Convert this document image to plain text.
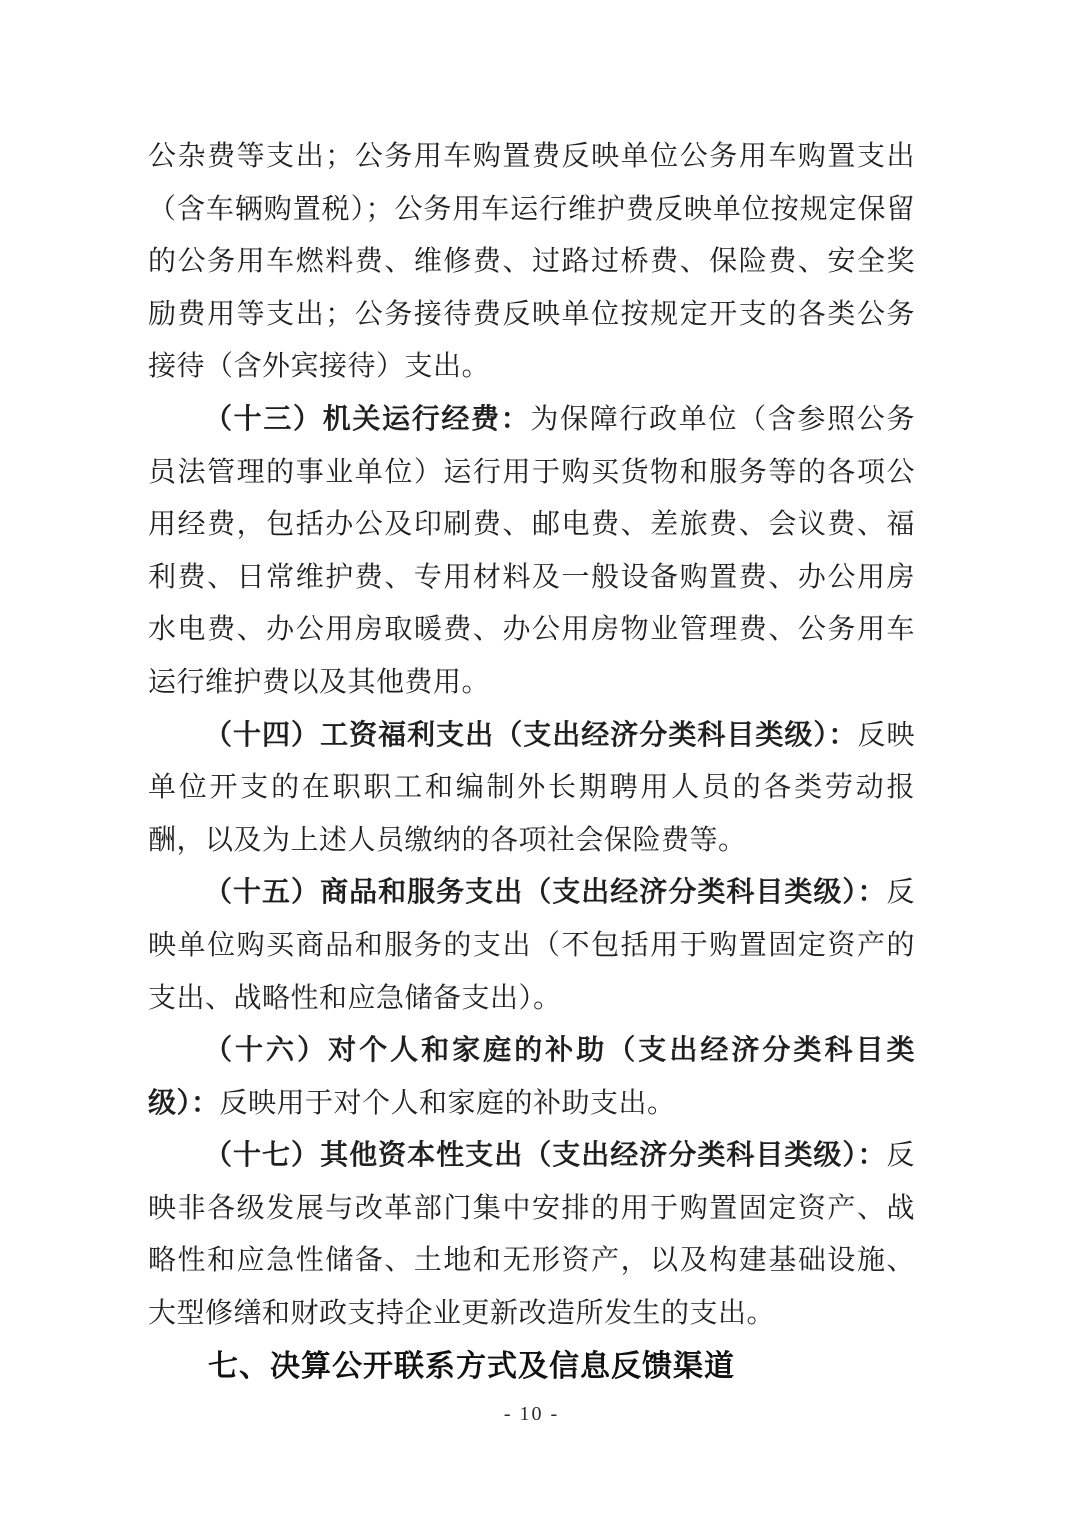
公杂费等支出；公务用车购置费反映单位公务用车购置支出（含车辆购置税）；公务用车运行维护费反映单位按规定保留的公务用车燃料费、维修费、过路过桥费、保险费、安全奖励费用等支出；公务接待费反映单位按规定开支的各类公务接待（含外宾接待）支出。

（十三）机关运行经费：为保障行政单位（含参照公务员法管理的事业单位）运行用于购买货物和服务等的各项公用经费，包括办公及印刷费、邮电费、差旅费、会议费、福利费、日常维护费、专用材料及一般设备购置费、办公用房水电费、办公用房取暖费、办公用房物业管理费、公务用车运行维护费以及其他费用。

（十四）工资福利支出（支出经济分类科目类级）：反映单位开支的在职职工和编制外长期聘用人员的各类劳动报酬，以及为上述人员缴纳的各项社会保险费等。

（十五）商品和服务支出（支出经济分类科目类级）：反映单位购买商品和服务的支出（不包括用于购置固定资产的支出、战略性和应急储备支出）。

（十六）对个人和家庭的补助（支出经济分类科目类级）：反映用于对个人和家庭的补助支出。

（十七）其他资本性支出（支出经济分类科目类级）：反映非各级发展与改革部门集中安排的用于购置固定资产、战略性和应急性储备、土地和无形资产，以及构建基础设施、大型修缮和财政支持企业更新改造所发生的支出。

七、决算公开联系方式及信息反馈渠道
- 10 -
